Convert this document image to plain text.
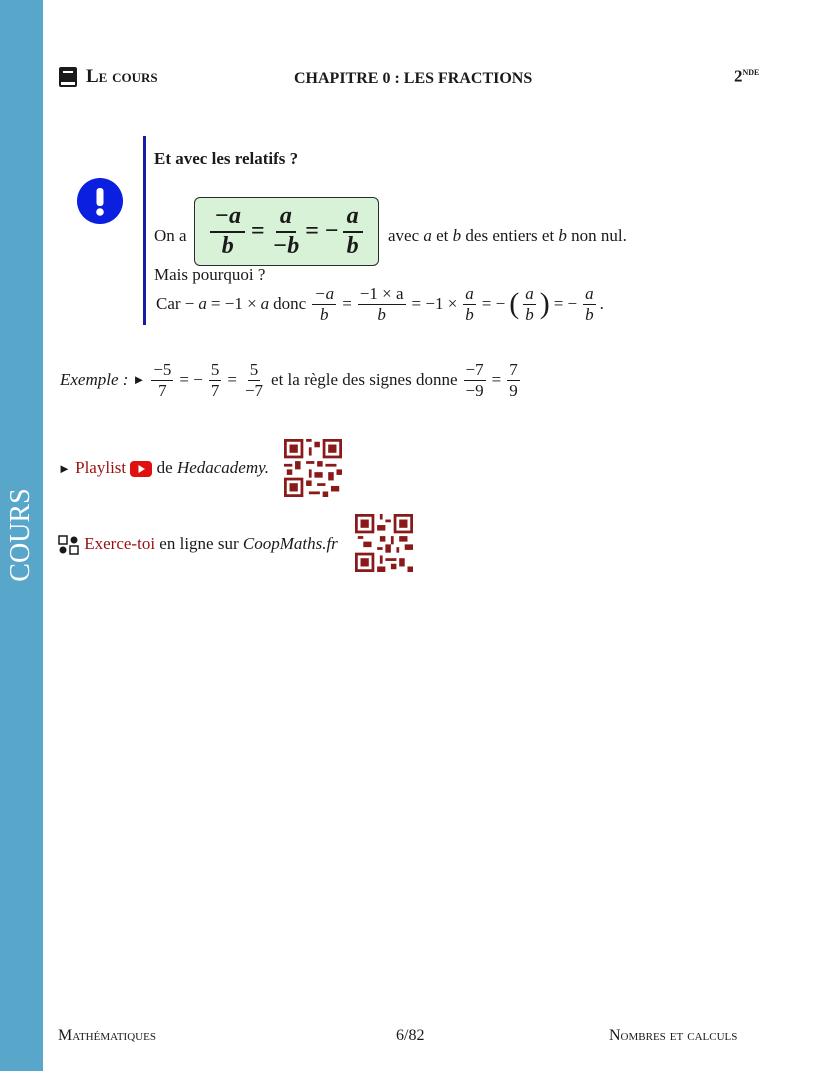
COURS
Le cours	CHAPITRE 0 : LES FRACTIONS	2nde
Et avec les relatifs ?
On a $\frac{-a}{b} = \frac{a}{-b}$ = − $\frac{a}{b}$ avec a et b des entiers et b non nul.
Mais pourquoi ?
Car − a = −1 × a donc $\frac{-a}{b} = \frac{-1 \times a}{b} = -1 \times \frac{a}{b}$ = − ( $\frac{a}{b}$ ) = − $\frac{a}{b}$ .
Exemple : ► $\frac{-5}{7}$ = − $\frac{5}{7} = \frac{5}{-7}$ et la règle des signes donne $\frac{-7}{-9} = \frac{7}{9}$
► Playlist de Hedacademy.
Exerce-toi en ligne sur CoopMaths.fr
Mathématiques	6/82	Nombres et calculs
